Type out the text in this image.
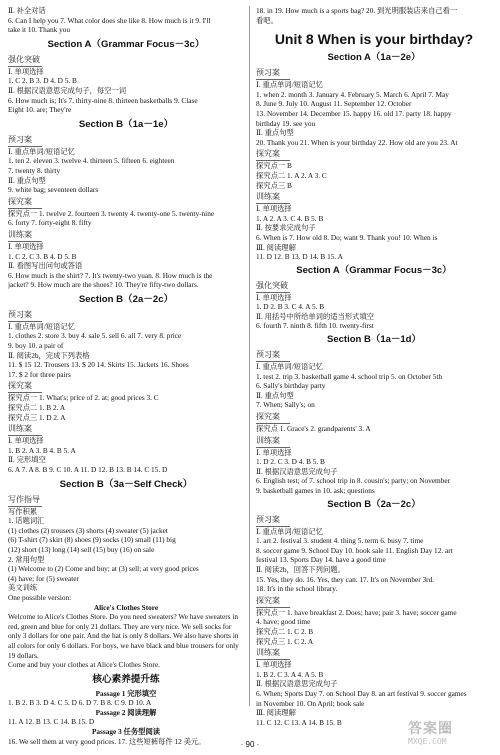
Ⅱ. 补全对话
6. Can I help you 7. What color does she like 8. How much is it 9. I'll
take it 10. Thank you
Section A（Grammar Focus－3c）
强化突破
Ⅰ. 单项选择
1. C 2. B 3. D 4. D 5. B
Ⅱ. 根据汉语意思完成句子，每空一词
6. How much is; It's 7. thirty-nine 8. thirteen basketballs 9. Clase
Eight 10. are; They're
Section B（1a－1e）
预习案
Ⅰ. 重点单词/短语记忆
1. ten 2. eleven 3. twelve 4. thirteen 5. fifteen 6. eighteen
7. twenty 8. thirty
Ⅱ. 重点句型
9. white bag; seventeen dollars
探究案
探究点一 1. twelve 2. fourteen 3. twenty 4. twenty-one 5. twenty-nine
6. forty 7. forty-eight 8. fifty
训练案
Ⅰ. 单项选择
1. C 2. C 3. B 4. D 5. B
Ⅱ. 看图写出问句或答语
6. How much is the shirt? 7. It's twenty-two yuan. 8. How much is the
jacket? 9. How much are the shoes? 10. They're fifty-two dollars.
Section B（2a－2c）
预习案
Ⅰ. 重点单词/短语记忆
1. clothes 2. store 3. buy 4. sale 5. sell 6. all 7. very 8. price
9. boy 10. a pair of
Ⅱ. 阅读2b，完成下列表格
11. $ 15 12. Trousers 13. $ 20 14. Skirts 15. Jackets 16. Shoes
17. $ 2 for three pairs
探究案
探究点一 1. What's; price of 2. at; good prices 3. C
探究点二 1. B 2. A
探究点三 1. D 2. A
训练案
Ⅰ. 单项选择
1. B 2. A 3. B 4. B 5. A
Ⅱ. 完形填空
6. A 7. A 8. B 9. C 10. A 11. D 12. B 13. B 14. C 15. D
Section B（3a－Self Check）
写作指导
写作积累
1. 话题词汇
(1) clothes (2) trousers (3) shorts (4) sweater (5) jacket
(6) T-shirt (7) skirt (8) shoes (9) socks (10) small (11) big
(12) short (13) long (14) sell (15) buy (16) on sale
2. 常用句型
(1) Welcome to (2) Come and buy; at (3) sell; at very good prices
(4) have; for (5) sweater
美文训练
One possible version:
Alice's Clothes Store
Welcome to Alice's Clothes Store. Do you need sweaters? We have sweaters in red, green and blue for only 21 dollars. They are very nice. We sell socks for only 3 dollars for one pair. And the hat is only 8 dollars. We also have shorts in all colors for only 6 dollars. For boys, we have black and blue trousers for only 19 dollars.
Come and buy your clothes at Alice's Clothes Store.
核心素养提升练
Passage 1 完形填空
1. B 2. B 3. D 4. C 5. D 6. D 7. B 8. C 9. D 10. A
Passage 2 阅读理解
11. A 12. B 13. C 14. B 15. D
Passage 3 任务型阅读
16. We sell them at very good prices. 17. 这些短裤每件 12 美元。
18. in 19. How much is a sports bag? 20. 到光明服装店来自己看一
看吧。
Unit 8 When is your birthday?
Section A（1a－2e）
预习案
Ⅰ. 重点单词/短语记忆
1. when 2. month 3. January 4. February 5. March 6. April 7. May
8. June 9. July 10. August 11. September 12. October
13. November 14. December 15. happy 16. old 17. party 18. happy
birthday 19. see you
Ⅱ. 重点句型
20. Thank you 21. When is your birthday 22. How old are you 23. At
探究案
探究点一 B
探究点二 1. A 2. A 3. C
探究点三 B
训练案
Ⅰ. 单项选择
1. A 2. A 3. C 4. B 5. B
Ⅱ. 按要求完成句子
6. When is 7. How old 8. Do; want 9. Thank you! 10. When is
Ⅲ. 阅读理解
11. D 12. B 13. D 14. B 15. A
Section A（Grammar Focus－3c）
强化突破
Ⅰ. 单项选择
1. D 2. B 3. C 4. A 5. B
Ⅱ. 用括号中所给单词的适当形式填空
6. fourth 7. ninth 8. fifth 10. twenty-first
Section B（1a－1d）
预习案
Ⅰ. 重点单词/短语记忆
1. test 2. trip 3. basketball game 4. school trip 5. on October 5th
6. Sally's birthday party
Ⅱ. 重点句型
7. When; Sally's; on
探究案
探究点 1. Grace's 2. grandparents' 3. A
训练案
Ⅰ. 单项选择
1. D 2. C 3. D 4. B 5. B
Ⅱ. 根据汉语意思完成句子
6. English test; of 7. school trip in 8. cousin's; party; on November
9. basketball games in 10. ask; questions
Section B（2a－2c）
预习案
Ⅰ. 重点单词/短语记忆
1. art 2. festival 3. student 4. thing 5. term 6. busy 7. time
8. soccer game 9. School Day 10. book sale 11. English Day 12. art
festival 13. Sports Day 14. have a good time
Ⅱ. 阅读2b，回答下列问题。
15. Yes, they do. 16. Yes, they can. 17. It's on November 3rd.
18. It's in the school library.
探究案
探究点一 1. have breakfast 2. Does; have; pair 3. have; soccer game
4. have; good time
探究点二 1. C 2. B
探究点三 1. C 2. A
训练案
Ⅰ. 单项选择
1. B 2. C 3. A 4. A 5. B
Ⅱ. 根据汉语意思完成句子
6. When; Sports Day 7. on School Day 8. an art festival 9. soccer games
in November 10. On April; book sale
Ⅲ. 阅读理解
11. C 12. C 13. A 14. B 15. B
· 90 ·
答案圈
MXQE.COM
